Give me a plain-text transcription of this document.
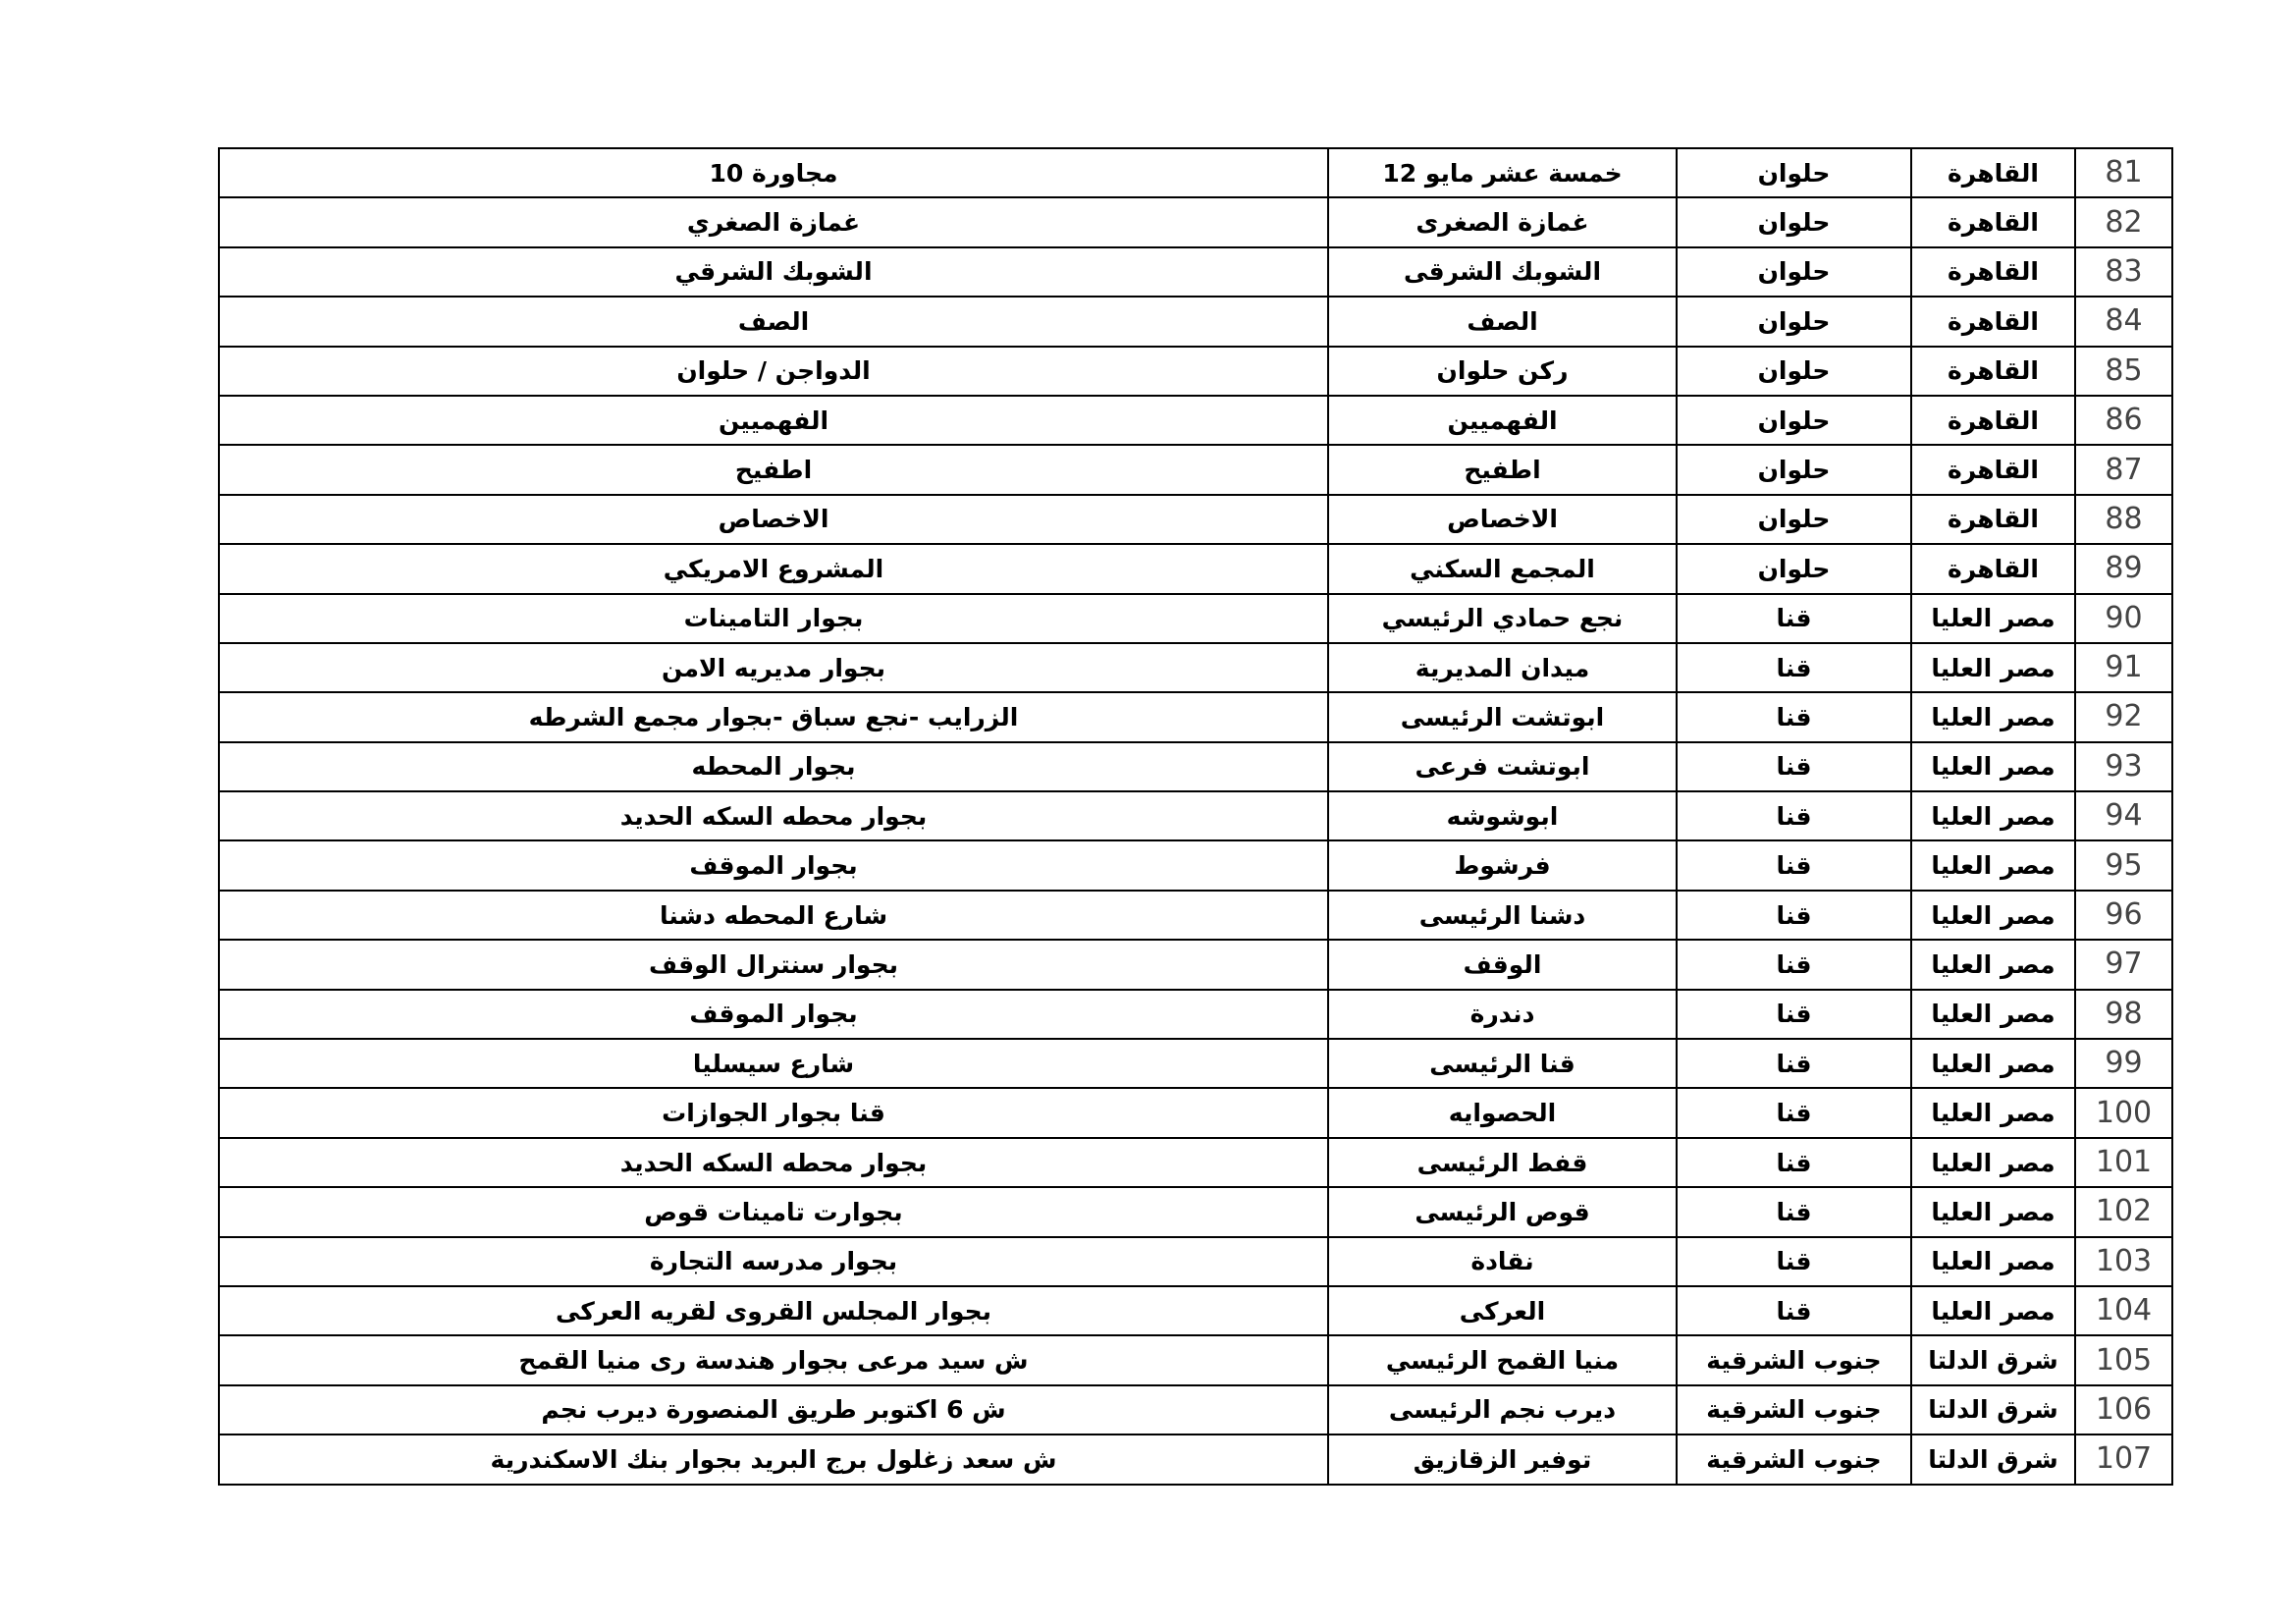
81	القاهرة	حلوان	خمسة عشر مايو 12	مجاورة 10
82	القاهرة	حلوان	غمازة الصغرى	غمازة الصغري
83	القاهرة	حلوان	الشوبك الشرقى	الشوبك الشرقي
84	القاهرة	حلوان	الصف	الصف
85	القاهرة	حلوان	ركن حلوان	الدواجن / حلوان
86	القاهرة	حلوان	الفهميين	الفهميين
87	القاهرة	حلوان	اطفيح	اطفيح
88	القاهرة	حلوان	الاخصاص	الاخصاص
89	القاهرة	حلوان	المجمع السكني	المشروع الامريكي
90	مصر العليا	قنا	نجع حمادي الرئيسي	بجوار التامينات
91	مصر العليا	قنا	ميدان المديرية	بجوار مديريه الامن
92	مصر العليا	قنا	ابوتشت الرئيسى	الزرايب -نجع سباق -بجوار مجمع الشرطه
93	مصر العليا	قنا	ابوتشت فرعى	بجوار المحطه
94	مصر العليا	قنا	ابوشوشه	بجوار محطه السكه الحديد
95	مصر العليا	قنا	فرشوط	بجوار الموقف
96	مصر العليا	قنا	دشنا الرئيسى	شارع المحطه دشنا
97	مصر العليا	قنا	الوقف	بجوار سنترال الوقف
98	مصر العليا	قنا	دندرة	بجوار الموقف
99	مصر العليا	قنا	قنا الرئيسى	شارع سيسليا
100	مصر العليا	قنا	الحصوايه	قنا بجوار الجوازات
101	مصر العليا	قنا	قفط الرئيسى	بجوار محطه السكه الحديد
102	مصر العليا	قنا	قوص الرئيسى	بجوارت تامينات قوص
103	مصر العليا	قنا	نقادة	بجوار مدرسه التجارة
104	مصر العليا	قنا	العركى	بجوار المجلس القروى لقريه العركى
105	شرق الدلتا	جنوب الشرقية	منيا القمح الرئيسي	ش سيد مرعى بجوار هندسة رى منيا القمح
106	شرق الدلتا	جنوب الشرقية	ديرب نجم الرئيسى	ش 6 اكتوبر طريق المنصورة ديرب نجم
107	شرق الدلتا	جنوب الشرقية	توفير الزقازيق	ش سعد زغلول برج البريد بجوار بنك الاسكندرية
